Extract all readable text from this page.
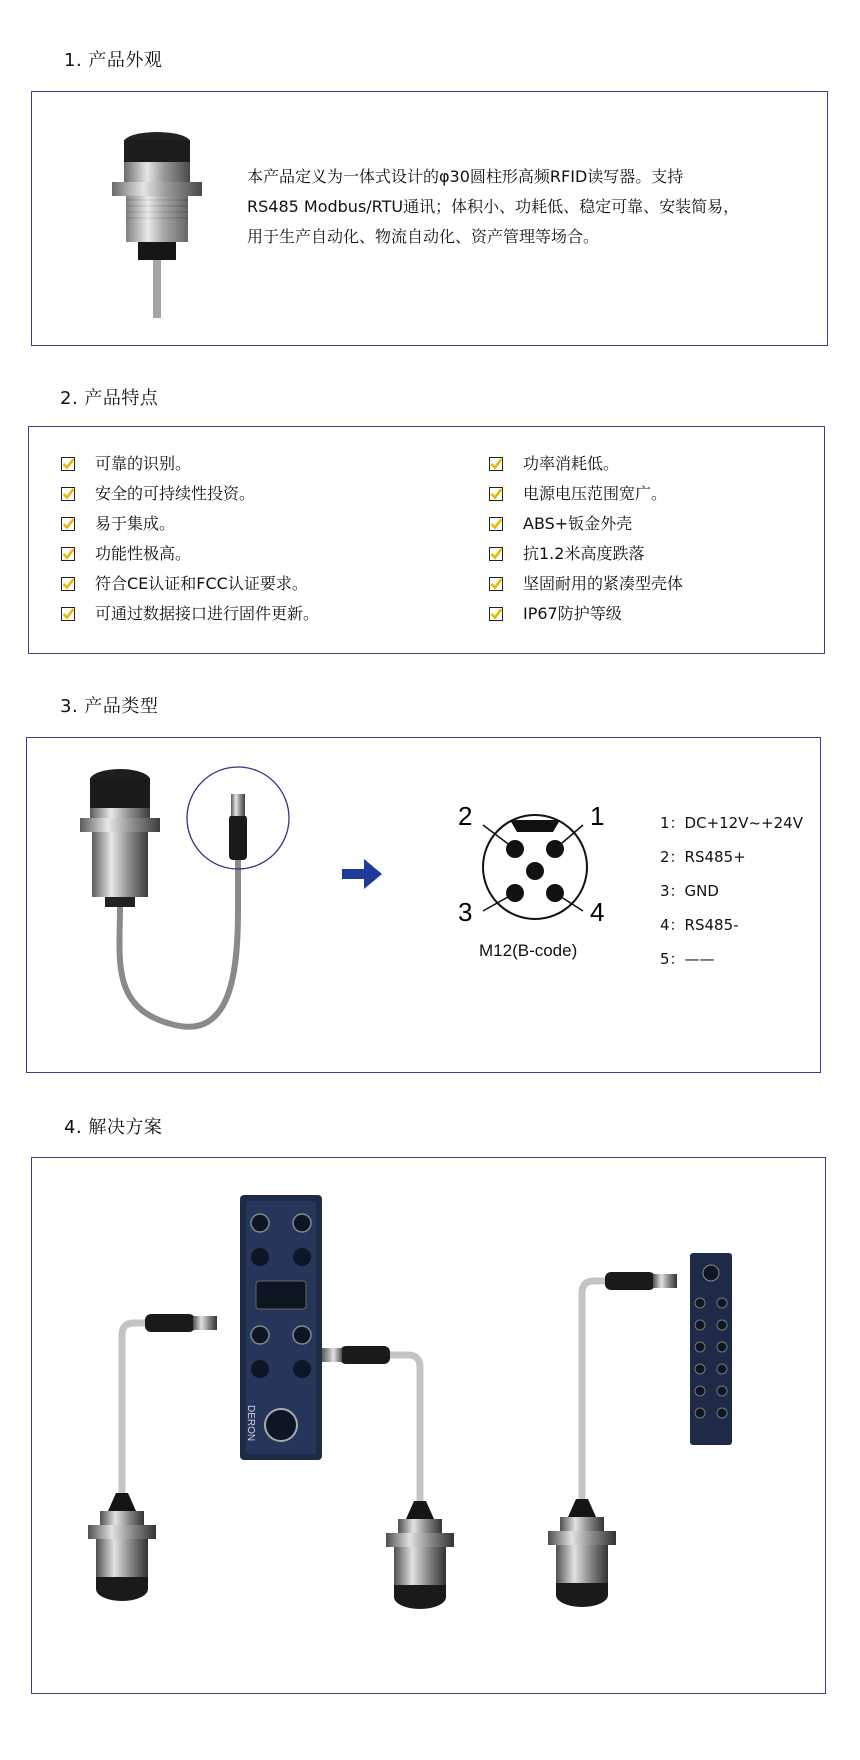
1. 产品外观
本产品定义为一体式设计的φ30圆柱形高频RFID读写器。支持
RS485 Modbus/RTU通讯；体积小、功耗低、稳定可靠、安装简易，
用于生产自动化、物流自动化、资产管理等场合。
2. 产品特点
可靠的识别。
安全的可持续性投资。
易于集成。
功能性极高。
符合CE认证和FCC认证要求。
可通过数据接口进行固件更新。
功率消耗低。
电源电压范围宽广。
ABS+钣金外壳
抗1.2米高度跌落
坚固耐用的紧凑型壳体
IP67防护等级
3. 产品类型
2	1
3	4
M12(B-code)
1：DC+12V~+24V
2：RS485+
3：GND
4：RS485-
5：——
4. 解决方案
DERON
